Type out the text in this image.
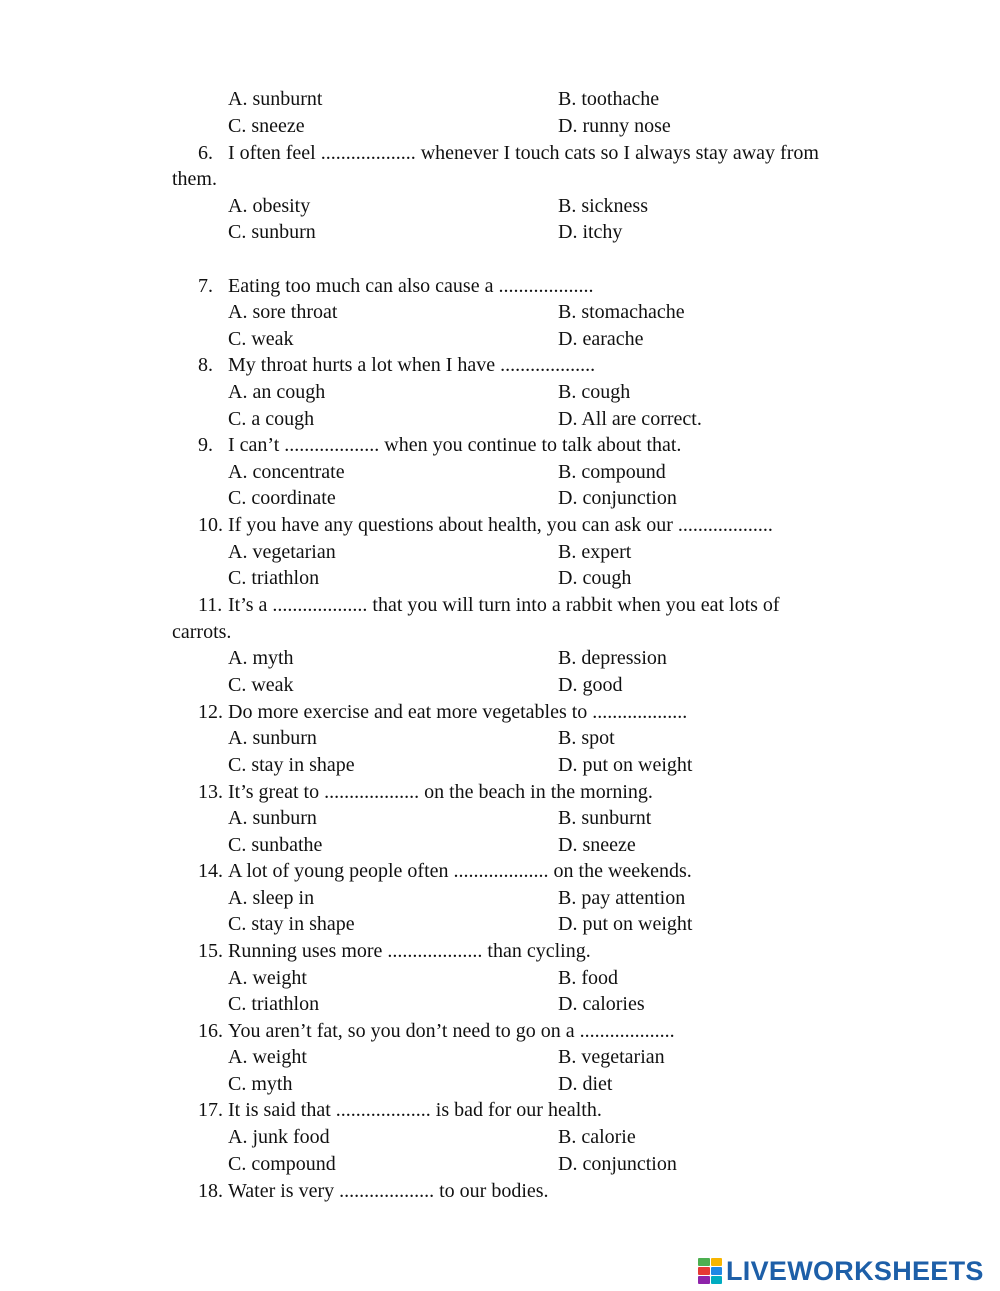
A. sunburnt	B. toothache
C. sneeze	D. runny nose
6. I often feel ................... whenever I touch cats so I always stay away from
them.
A. obesity	B. sickness
C. sunburn	D. itchy
7. Eating too much can also cause a ...................
A. sore throat	B. stomachache
C. weak	D. earache
8. My throat hurts a lot when I have ...................
A. an cough	B. cough
C. a cough	D. All are correct.
9. I can’t ................... when you continue to talk about that.
A. concentrate	B. compound
C. coordinate	D. conjunction
10. If you have any questions about health, you can ask our ...................
A. vegetarian	B. expert
C. triathlon	D. cough
11. It’s a ................... that you will turn into a rabbit when you eat lots of
carrots.
A. myth	B. depression
C. weak	D. good
12. Do more exercise and eat more vegetables to ...................
A. sunburn	B. spot
C. stay in shape	D. put on weight
13. It’s great to ................... on the beach in the morning.
A. sunburn	B. sunburnt
C. sunbathe	D. sneeze
14. A lot of young people often ................... on the weekends.
A. sleep in	B. pay attention
C. stay in shape	D. put on weight
15. Running uses more ................... than cycling.
A. weight	B. food
C. triathlon	D. calories
16. You aren’t fat, so you don’t need to go on a ...................
A. weight	B. vegetarian
C. myth	D. diet
17. It is said that ................... is bad for our health.
A. junk food	B. calorie
C. compound	D. conjunction
18. Water is very ................... to our bodies.
LIVEWORKSHEETS
